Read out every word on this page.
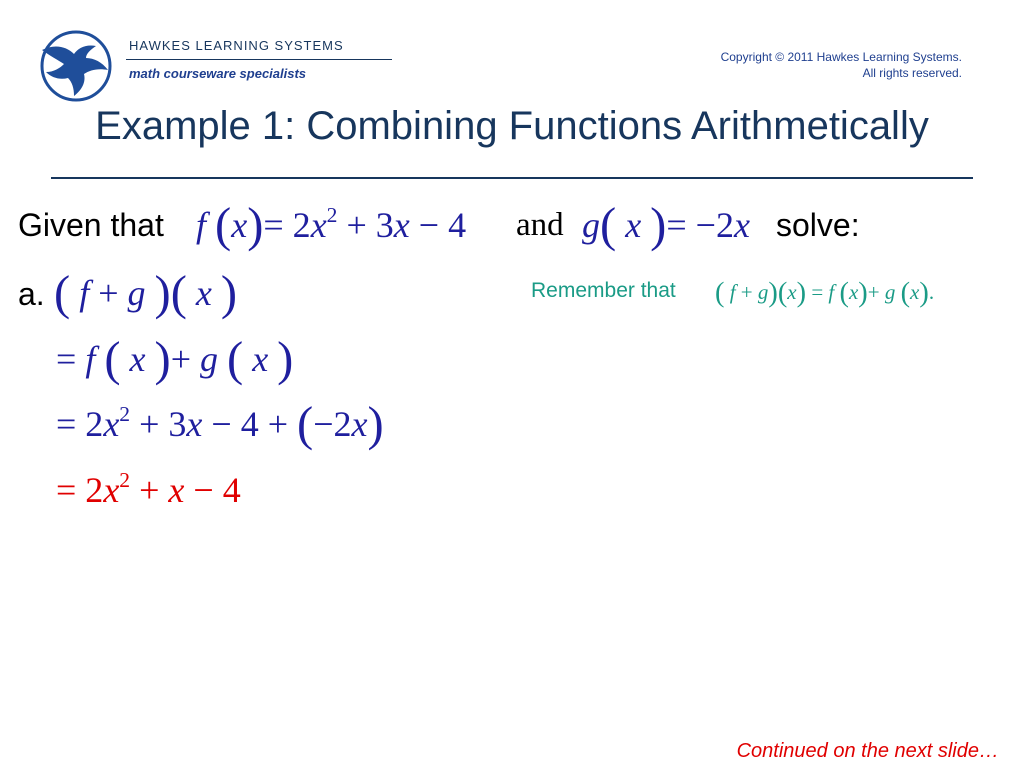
HAWKES LEARNING SYSTEMS
math courseware specialists
Copyright © 2011 Hawkes Learning Systems.
All rights reserved.
Example 1: Combining Functions Arithmetically
Given that f $(x)= 2x^2 + 3x - 4$ and g( x )= −2x solve:
a. ( f + g )( x )	Remember that ( f + g)(x) = f (x)+ g (x).
= f ( x )+ g ( x )
= $2x^2 + 3x - 4 + (-2x)$
= $2x^2 + x - 4$
Continued on the next slide…
